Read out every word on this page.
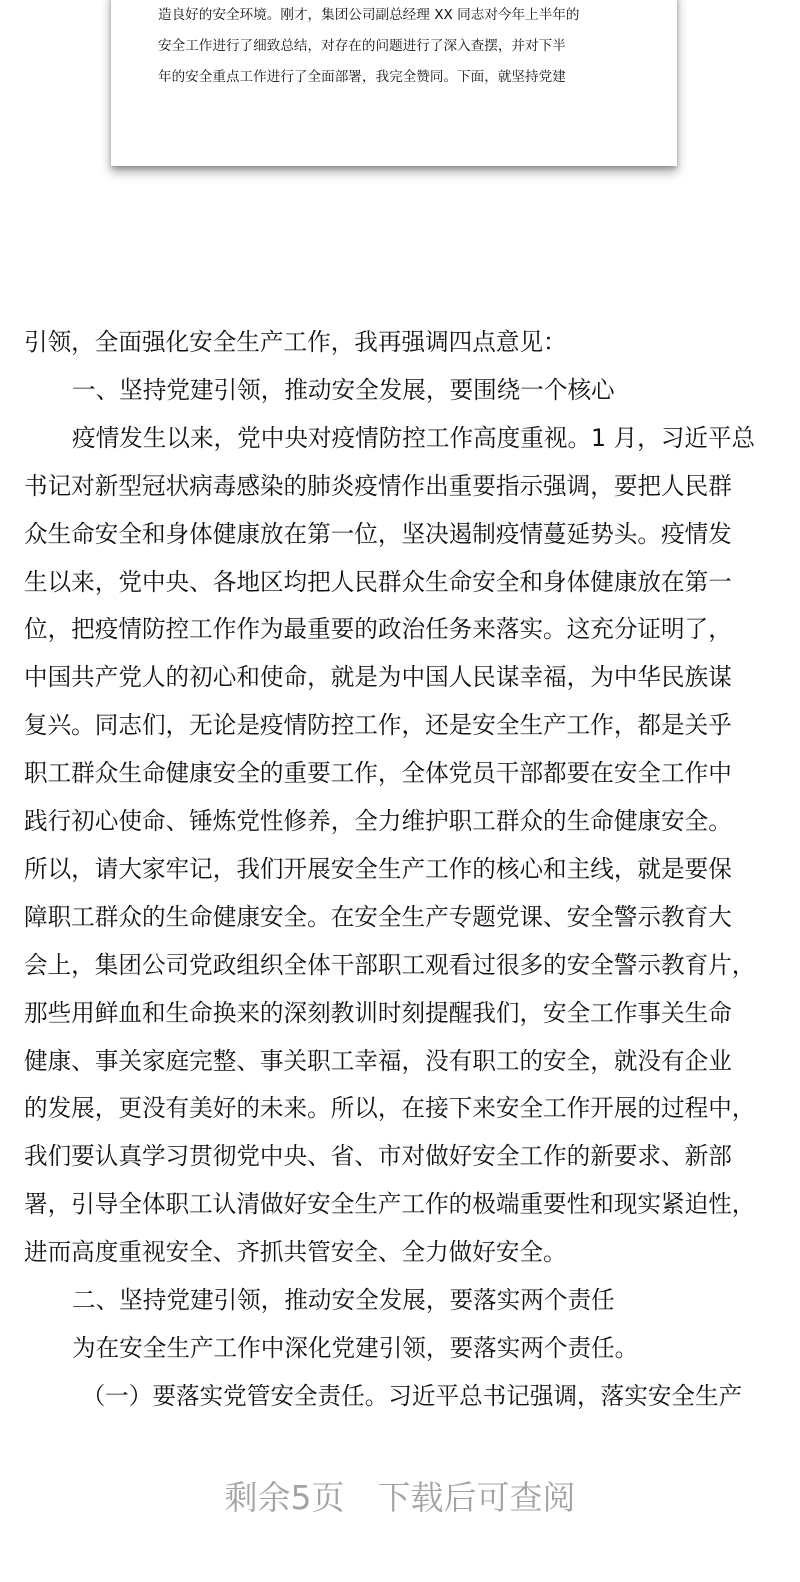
造良好的安全环境。刚才，集团公司副总经理 XX 同志对今年上半年的
安全工作进行了细致总结，对存在的问题进行了深入查摆，并对下半
年的安全重点工作进行了全面部署，我完全赞同。下面，就坚持党建
引领，全面强化安全生产工作，我再强调四点意见：
一、坚持党建引领，推动安全发展，要围绕一个核心
疫情发生以来，党中央对疫情防控工作高度重视。1 月，习近平总
书记对新型冠状病毒感染的肺炎疫情作出重要指示强调，要把人民群
众生命安全和身体健康放在第一位，坚决遏制疫情蔓延势头。疫情发
生以来，党中央、各地区均把人民群众生命安全和身体健康放在第一
位，把疫情防控工作作为最重要的政治任务来落实。这充分证明了，
中国共产党人的初心和使命，就是为中国人民谋幸福，为中华民族谋
复兴。同志们，无论是疫情防控工作，还是安全生产工作，都是关乎
职工群众生命健康安全的重要工作，全体党员干部都要在安全工作中
践行初心使命、锤炼党性修养，全力维护职工群众的生命健康安全。
所以，请大家牢记，我们开展安全生产工作的核心和主线，就是要保
障职工群众的生命健康安全。在安全生产专题党课、安全警示教育大
会上，集团公司党政组织全体干部职工观看过很多的安全警示教育片，
那些用鲜血和生命换来的深刻教训时刻提醒我们，安全工作事关生命
健康、事关家庭完整、事关职工幸福，没有职工的安全，就没有企业
的发展，更没有美好的未来。所以，在接下来安全工作开展的过程中，
我们要认真学习贯彻党中央、省、市对做好安全工作的新要求、新部
署，引导全体职工认清做好安全生产工作的极端重要性和现实紧迫性，
进而高度重视安全、齐抓共管安全、全力做好安全。
二、坚持党建引领，推动安全发展，要落实两个责任
为在安全生产工作中深化党建引领，要落实两个责任。
（一）要落实党管安全责任。习近平总书记强调，落实安全生产
剩余5页　下载后可查阅
